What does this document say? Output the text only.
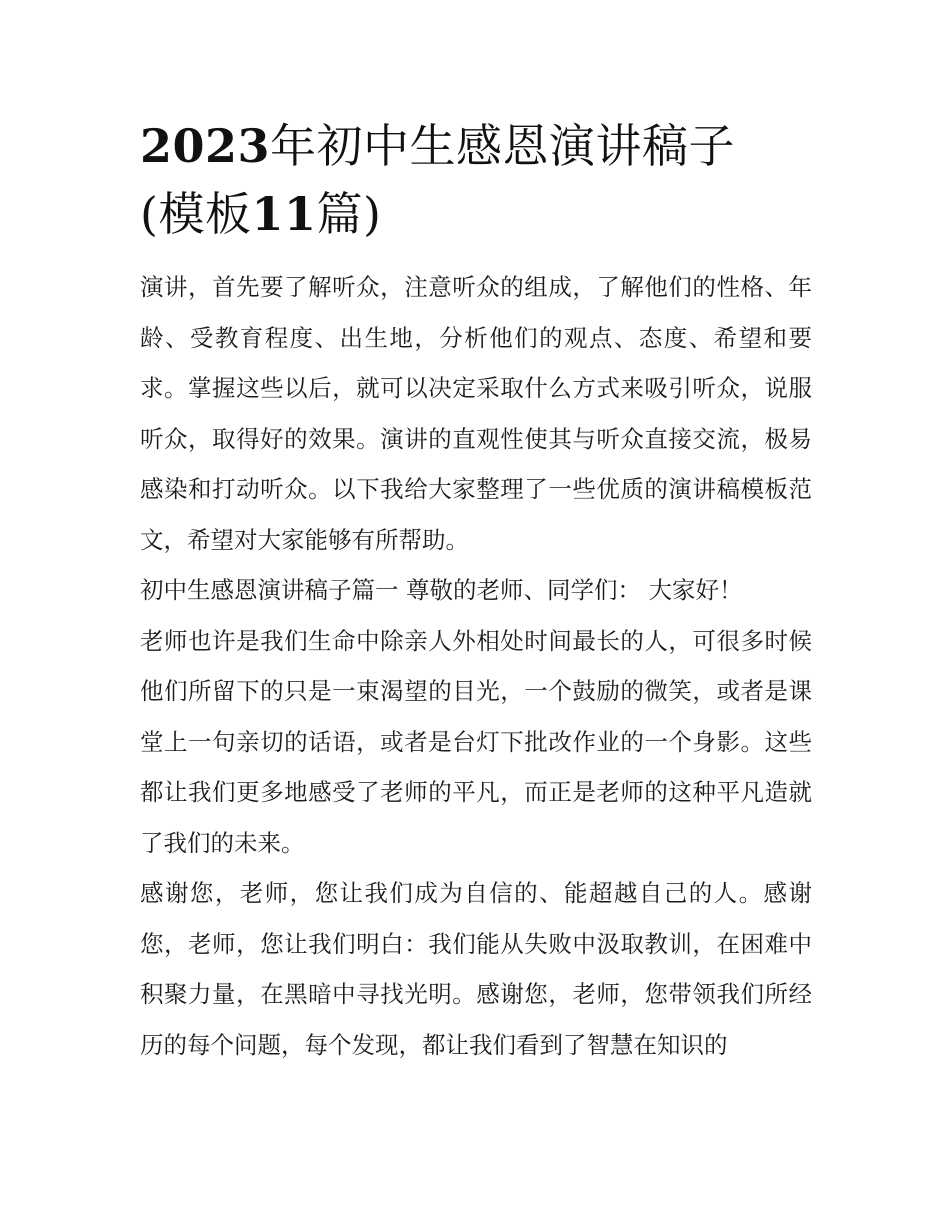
2023年初中生感恩演讲稿子
(模板11篇)

演讲，首先要了解听众，注意听众的组成，了解他们的性格、年龄、受教育程度、出生地，分析他们的观点、态度、希望和要求。掌握这些以后，就可以决定采取什么方式来吸引听众，说服听众，取得好的效果。演讲的直观性使其与听众直接交流，极易感染和打动听众。以下我给大家整理了一些优质的演讲稿模板范文，希望对大家能够有所帮助。

初中生感恩演讲稿子篇一 尊敬的老师、同学们： 大家好！

老师也许是我们生命中除亲人外相处时间最长的人，可很多时候他们所留下的只是一束渴望的目光，一个鼓励的微笑，或者是课堂上一句亲切的话语，或者是台灯下批改作业的一个身影。这些都让我们更多地感受了老师的平凡，而正是老师的这种平凡造就了我们的未来。

感谢您，老师，您让我们成为自信的、能超越自己的人。感谢您，老师，您让我们明白：我们能从失败中汲取教训，在困难中积聚力量，在黑暗中寻找光明。感谢您，老师，您带领我们所经历的每个问题，每个发现，都让我们看到了智慧在知识的
